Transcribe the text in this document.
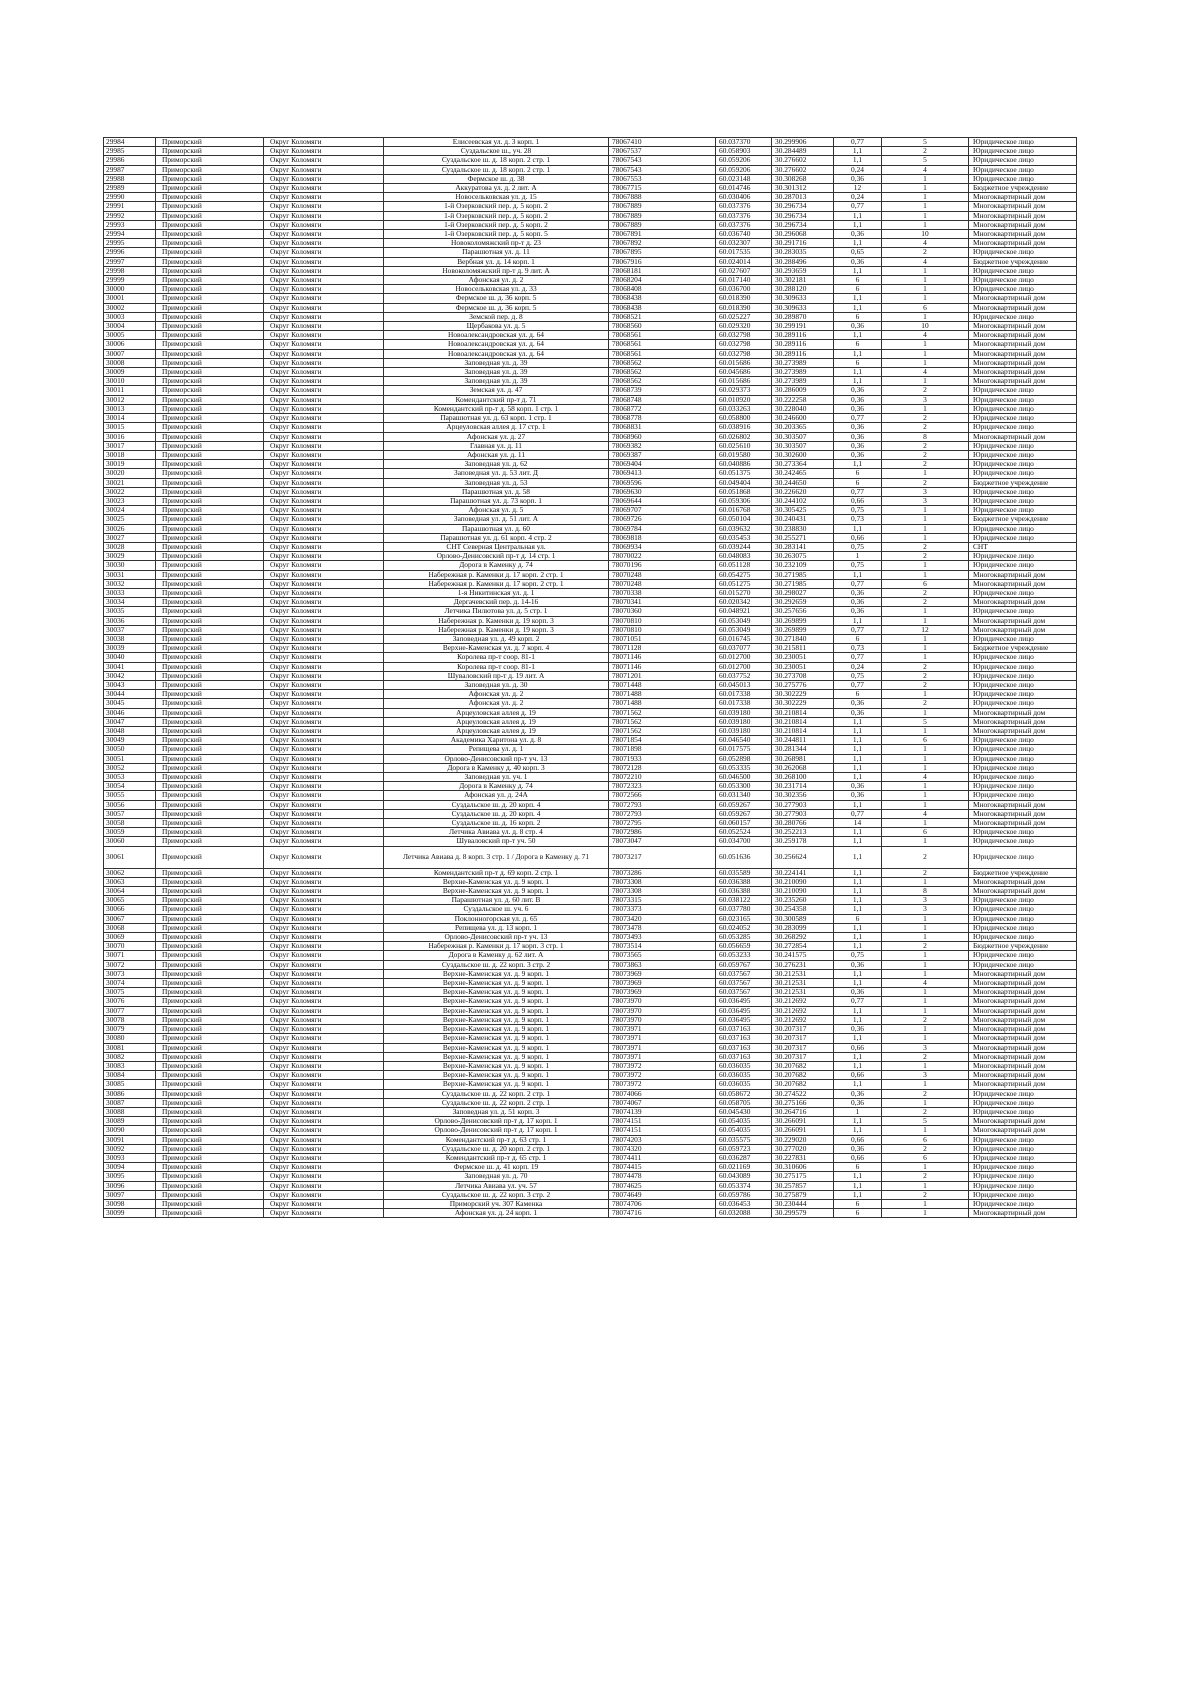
29984	Приморский	Округ Коломяги	Елисеевская ул. д. 3 корп. 1	78067410	60.037370	30.299906	0,77	5	Юридическое лицо
29985	Приморский	Округ Коломяги	Суздальское ш., уч. 28	78067537	60.058903	30.284489	1,1	2	Юридическое лицо
29986	Приморский	Округ Коломяги	Суздальское ш. д. 18 корп. 2 стр. 1	78067543	60.059206	30.276602	1,1	5	Юридическое лицо
29987	Приморский	Округ Коломяги	Суздальское ш. д. 18 корп. 2 стр. 1	78067543	60.059206	30.276602	0,24	4	Юридическое лицо
29988	Приморский	Округ Коломяги	Фермское ш. д. 38	78067553	60.023148	30.308268	0,36	1	Юридическое лицо
29989	Приморский	Округ Коломяги	Аккуратова ул. д. 2 лит. А	78067715	60.014746	30.301312	12	1	Бюджетное учреждение
29990	Приморский	Округ Коломяги	Новосельковская ул. д. 15	78067888	60.030406	30.287013	0,24	1	Многоквартирный дом
29991	Приморский	Округ Коломяги	1-й Озерковский пер. д. 5 корп. 2	78067889	60.037376	30.296734	0,77	1	Многоквартирный дом
29992	Приморский	Округ Коломяги	1-й Озерковский пер. д. 5 корп. 2	78067889	60.037376	30.296734	1,1	1	Многоквартирный дом
29993	Приморский	Округ Коломяги	1-й Озерковский пер. д. 5 корп. 2	78067889	60.037376	30.296734	1,1	1	Многоквартирный дом
29994	Приморский	Округ Коломяги	1-й Озерковский пер. д. 5 корп. 5	78067891	60.036740	30.296068	0,36	10	Многоквартирный дом
29995	Приморский	Округ Коломяги	Новоколомяжский пр-т д. 23	78067892	60.032307	30.291716	1,1	4	Многоквартирный дом
29996	Приморский	Округ Коломяги	Парашютная ул. д. 11	78067895	60.017535	30.283035	0,65	2	Юридическое лицо
29997	Приморский	Округ Коломяги	Вербная ул. д. 14 корп. 1	78067916	60.024014	30.288496	0,36	4	Бюджетное учреждение
29998	Приморский	Округ Коломяги	Новоколомяжский пр-т д. 9 лит. А	78068181	60.027607	30.293659	1,1	1	Юридическое лицо
29999	Приморский	Округ Коломяги	Афонская ул. д. 2	78068204	60.017140	30.302181	6	1	Юридическое лицо
30000	Приморский	Округ Коломяги	Новосельковская ул. д. 33	78068408	60.036700	30.288120	6	1	Юридическое лицо
30001	Приморский	Округ Коломяги	Фермское ш. д. 36 корп. 5	78068438	60.018390	30.309633	1,1	1	Многоквартирный дом
30002	Приморский	Округ Коломяги	Фермское ш. д. 36 корп. 5	78068438	60.018390	30.309633	1,1	6	Многоквартирный дом
30003	Приморский	Округ Коломяги	Земской пер. д. 8	78068521	60.025227	30.289870	6	1	Юридическое лицо
30004	Приморский	Округ Коломяги	Щербакова ул. д. 5	78068560	60.029320	30.299191	0,36	10	Многоквартирный дом
30005	Приморский	Округ Коломяги	Новоалександровская ул. д. 64	78068561	60.032798	30.289116	1,1	4	Многоквартирный дом
30006	Приморский	Округ Коломяги	Новоалександровская ул. д. 64	78068561	60.032798	30.289116	6	1	Многоквартирный дом
30007	Приморский	Округ Коломяги	Новоалександровская ул. д. 64	78068561	60.032798	30.289116	1,1	1	Многоквартирный дом
30008	Приморский	Округ Коломяги	Заповедная ул. д. 39	78068562	60.015686	30.273989	6	1	Многоквартирный дом
30009	Приморский	Округ Коломяги	Заповедная ул. д. 39	78068562	60.045686	30.273989	1,1	4	Многоквартирный дом
30010	Приморский	Округ Коломяги	Заповедная ул. д. 39	78068562	60.015686	30.273989	1,1	1	Многоквартирный дом
30011	Приморский	Округ Коломяги	Земская ул. д. 47	78068739	60.029373	30.286009	0,36	2	Юридическое лицо
30012	Приморский	Округ Коломяги	Комендантский пр-т д. 71	78068748	60.010920	30.222258	0,36	3	Юридическое лицо
30013	Приморский	Округ Коломяги	Комендантский пр-т д. 58 корп. 1 стр. 1	78068772	60.033263	30.228040	0,36	1	Юридическое лицо
30014	Приморский	Округ Коломяги	Парашютная ул. д. 63 корп. 1 стр. 1	78068778	60.058800	30.246600	0,77	2	Юридическое лицо
30015	Приморский	Округ Коломяги	Арцеуловская аллея д. 17 стр. 1	78068831	60.038916	30.203365	0,36	2	Юридическое лицо
30016	Приморский	Округ Коломяги	Афонская ул. д. 27	78068960	60.026802	30.303507	0,36	8	Многоквартирный дом
30017	Приморский	Округ Коломяги	Главная ул. д. 11	78069382	60.025610	30.303507	0,36	2	Юридическое лицо
30018	Приморский	Округ Коломяги	Афонская ул. д. 11	78069387	60.019580	30.302600	0,36	2	Юридическое лицо
30019	Приморский	Округ Коломяги	Заповедная ул. д. 62	78069404	60.040886	30.273364	1,1	2	Юридическое лицо
30020	Приморский	Округ Коломяги	Заповедная ул. д. 53 лит. Д	78069413	60.051375	30.242465	6	1	Юридическое лицо
30021	Приморский	Округ Коломяги	Заповедная ул. д. 53	78069596	60.049404	30.244650	6	2	Бюджетное учреждение
30022	Приморский	Округ Коломяги	Парашютная ул. д. 58	78069630	60.051868	30.226620	0,77	3	Юридическое лицо
30023	Приморский	Округ Коломяги	Парашютная ул. д. 73 корп. 1	78069644	60.059306	30.244102	0,66	3	Юридическое лицо
30024	Приморский	Округ Коломяги	Афонская ул. д. 5	78069707	60.016768	30.305425	0,75	1	Юридическое лицо
30025	Приморский	Округ Коломяги	Заповедная ул. д. 51 лит. А	78069726	60.050104	30.240431	0,73	1	Бюджетное учреждение
30026	Приморский	Округ Коломяги	Парашютная ул. д. 60	78069784	60.039632	30.238830	1,1	1	Юридическое лицо
30027	Приморский	Округ Коломяги	Парашютная ул. д. 61 корп. 4 стр. 2	78069818	60.035453	30.255271	0,66	1	Юридическое лицо
30028	Приморский	Округ Коломяги	СНТ Северная Центральная ул.	78069934	60.039244	30.283141	0,75	2	СНТ
30029	Приморский	Округ Коломяги	Орлово-Денисовский пр-т д. 14 стр. 1	78070022	60.048083	30.263075	1	2	Юридическое лицо
30030	Приморский	Округ Коломяги	Дорога в Каменку д. 74	78070196	60.051128	30.232109	0,75	1	Юридическое лицо
30031	Приморский	Округ Коломяги	Набережная р. Каменки д. 17 корп. 2 стр. 1	78070248	60.054275	30.271985	1,1	1	Многоквартирный дом
30032	Приморский	Округ Коломяги	Набережная р. Каменки д. 17 корп. 2 стр. 1	78070248	60.051275	30.271985	0,77	6	Многоквартирный дом
30033	Приморский	Округ Коломяги	1-я Никитинская ул. д. 1	78070338	60.015270	30.298027	0,36	2	Юридическое лицо
30034	Приморский	Округ Коломяги	Дергачевский пер. д. 14-16	78070341	60.020342	30.292659	0,36	2	Многоквартирный дом
30035	Приморский	Округ Коломяги	Летчика Пилютова ул. д. 5 стр. 1	78070360	60.048921	30.257656	0,36	1	Юридическое лицо
30036	Приморский	Округ Коломяги	Набережная р. Каменки д. 19 корп. 3	78070810	60.053049	30.269899	1,1	1	Многоквартирный дом
30037	Приморский	Округ Коломяги	Набережная р. Каменки д. 19 корп. 3	78070810	60.053049	30.269899	0,77	12	Многоквартирный дом
30038	Приморский	Округ Коломяги	Заповедная ул. д. 49 корп. 2	78071051	60.016745	30.271840	6	1	Юридическое лицо
30039	Приморский	Округ Коломяги	Верхне-Каменская ул. д. 7 корп. 4	78071128	60.037077	30.215811	0,73	1	Бюджетное учреждение
30040	Приморский	Округ Коломяги	Королева пр-т соор. 81-1	78071146	60.012700	30.230051	0,77	1	Юридическое лицо
30041	Приморский	Округ Коломяги	Королева пр-т соор. 81-1	78071146	60.012700	30.230051	0,24	2	Юридическое лицо
30042	Приморский	Округ Коломяги	Шуваловский пр-т д. 19 лит. А	78071201	60.037752	30.273708	0,75	2	Юридическое лицо
30043	Приморский	Округ Коломяги	Заповедная ул. д. 30	78071448	60.045013	30.275776	0,77	2	Юридическое лицо
30044	Приморский	Округ Коломяги	Афонская ул. д. 2	78071488	60.017338	30.302229	6	1	Юридическое лицо
30045	Приморский	Округ Коломяги	Афонская ул. д. 2	78071488	60.017338	30.302229	0,36	2	Юридическое лицо
30046	Приморский	Округ Коломяги	Арцеуловская аллея д. 19	78071562	60.039180	30.210814	0,36	1	Многоквартирный дом
30047	Приморский	Округ Коломяги	Арцеуловская аллея д. 19	78071562	60.039180	30.210814	1,1	5	Многоквартирный дом
30048	Приморский	Округ Коломяги	Арцеуловская аллея д. 19	78071562	60.039180	30.210814	1,1	1	Многоквартирный дом
30049	Приморский	Округ Коломяги	Академика Харитона ул. д. 8	78071854	60.046540	30.244811	1,1	6	Юридическое лицо
30050	Приморский	Округ Коломяги	Репищева ул. д. 1	78071898	60.017575	30.281344	1,1	1	Юридическое лицо
30051	Приморский	Округ Коломяги	Орлово-Денисовский пр-т уч. 13	78071933	60.052898	30.268981	1,1	1	Юридическое лицо
30052	Приморский	Округ Коломяги	Дорога в Каменку д. 40 корп. 3	78072128	60.053335	30.262068	1,1	1	Юридическое лицо
30053	Приморский	Округ Коломяги	Заповедная ул. уч. 1	78072210	60.046500	30.268100	1,1	4	Юридическое лицо
30054	Приморский	Округ Коломяги	Дорога в Каменку д. 74	78072323	60.053300	30.231714	0,36	1	Юридическое лицо
30055	Приморский	Округ Коломяги	Афонская ул. д. 24А	78072566	60.031340	30.302356	0,36	1	Юридическое лицо
30056	Приморский	Округ Коломяги	Суздальское ш. д. 20 корп. 4	78072793	60.059267	30.277903	1,1	1	Многоквартирный дом
30057	Приморский	Округ Коломяги	Суздальское ш. д. 20 корп. 4	78072793	60.059267	30.277903	0,77	4	Многоквартирный дом
30058	Приморский	Округ Коломяги	Суздальское ш. д. 16 корп. 2	78072795	60.060157	30.280766	14	1	Многоквартирный дом
30059	Приморский	Округ Коломяги	Летчика Авиава ул. д. 8 стр. 4	78072986	60.052524	30.252213	1,1	6	Юридическое лицо
30060	Приморский	Округ Коломяги	Шуваловский пр-т уч. 50	78073047	60.034700	30.259178	1,1	1	Юридическое лицо
30061	Приморский	Округ Коломяги	Летчика Авиава д. 8 корп. 3 стр. 1 / Дорога в Каменку д. 71	78073217	60.051636	30.256624	1,1	2	Юридическое лицо
30062	Приморский	Округ Коломяги	Комендантский пр-т д. 69 корп. 2 стр. 1	78073286	60.035589	30.224141	1,1	2	Бюджетное учреждение
30063	Приморский	Округ Коломяги	Верхне-Каменская ул. д. 9 корп. 1	78073308	60.036388	30.210090	1,1	1	Многоквартирный дом
30064	Приморский	Округ Коломяги	Верхне-Каменская ул. д. 9 корп. 1	78073308	60.036388	30.210090	1,1	8	Многоквартирный дом
30065	Приморский	Округ Коломяги	Парашютная ул. д. 60 лит. В	78073315	60.038122	30.235260	1,1	3	Юридическое лицо
30066	Приморский	Округ Коломяги	Суздальское ш. уч. 6	78073373	60.037780	30.254358	1,1	3	Юридическое лицо
30067	Приморский	Округ Коломяги	Поклонногорская ул. д. 65	78073420	60.023165	30.300589	6	1	Юридическое лицо
30068	Приморский	Округ Коломяги	Репищева ул. д. 13 корп. 1	78073478	60.024052	30.283099	1,1	1	Юридическое лицо
30069	Приморский	Округ Коломяги	Орлово-Денисовский пр-т уч. 13	78073493	60.053285	30.268292	1,1	1	Юридическое лицо
30070	Приморский	Округ Коломяги	Набережная р. Каменки д. 17 корп. 3 стр. 1	78073514	60.056659	30.272854	1,1	2	Бюджетное учреждение
30071	Приморский	Округ Коломяги	Дорога в Каменку д. 62 лит. А	78073565	60.053233	30.241575	0,75	1	Юридическое лицо
30072	Приморский	Округ Коломяги	Суздальское ш. д. 22 корп. 3 стр. 2	78073863	60.059767	30.276231	0,36	1	Юридическое лицо
30073	Приморский	Округ Коломяги	Верхне-Каменская ул. д. 9 корп. 1	78073969	60.037567	30.212531	1,1	1	Многоквартирный дом
30074	Приморский	Округ Коломяги	Верхне-Каменская ул. д. 9 корп. 1	78073969	60.037567	30.212531	1,1	4	Многоквартирный дом
30075	Приморский	Округ Коломяги	Верхне-Каменская ул. д. 9 корп. 1	78073969	60.037567	30.212531	0,36	1	Многоквартирный дом
30076	Приморский	Округ Коломяги	Верхне-Каменская ул. д. 9 корп. 1	78073970	60.036495	30.212692	0,77	1	Многоквартирный дом
30077	Приморский	Округ Коломяги	Верхне-Каменская ул. д. 9 корп. 1	78073970	60.036495	30.212692	1,1	1	Многоквартирный дом
30078	Приморский	Округ Коломяги	Верхне-Каменская ул. д. 9 корп. 1	78073970	60.036495	30.212692	1,1	2	Многоквартирный дом
30079	Приморский	Округ Коломяги	Верхне-Каменская ул. д. 9 корп. 1	78073971	60.037163	30.207317	0,36	1	Многоквартирный дом
30080	Приморский	Округ Коломяги	Верхне-Каменская ул. д. 9 корп. 1	78073971	60.037163	30.207317	1,1	1	Многоквартирный дом
30081	Приморский	Округ Коломяги	Верхне-Каменская ул. д. 9 корп. 1	78073971	60.037163	30.207317	0,66	3	Многоквартирный дом
30082	Приморский	Округ Коломяги	Верхне-Каменская ул. д. 9 корп. 1	78073971	60.037163	30.207317	1,1	2	Многоквартирный дом
30083	Приморский	Округ Коломяги	Верхне-Каменская ул. д. 9 корп. 1	78073972	60.036035	30.207682	1,1	1	Многоквартирный дом
30084	Приморский	Округ Коломяги	Верхне-Каменская ул. д. 9 корп. 1	78073972	60.036035	30.207682	0,66	3	Многоквартирный дом
30085	Приморский	Округ Коломяги	Верхне-Каменская ул. д. 9 корп. 1	78073972	60.036035	30.207682	1,1	1	Многоквартирный дом
30086	Приморский	Округ Коломяги	Суздальское ш. д. 22 корп. 2 стр. 1	78074066	60.058672	30.274522	0,36	2	Юридическое лицо
30087	Приморский	Округ Коломяги	Суздальское ш. д. 22 корп. 2 стр. 1	78074067	60.058705	30.275166	0,36	1	Юридическое лицо
30088	Приморский	Округ Коломяги	Заповедная ул. д. 51 корп. 3	78074139	60.045430	30.264716	1	2	Юридическое лицо
30089	Приморский	Округ Коломяги	Орлово-Денисовский пр-т д. 17 корп. 1	78074151	60.054035	30.266091	1,1	5	Многоквартирный дом
30090	Приморский	Округ Коломяги	Орлово-Денисовский пр-т д. 17 корп. 1	78074151	60.054035	30.266091	1,1	1	Многоквартирный дом
30091	Приморский	Округ Коломяги	Комендантский пр-т д. 63 стр. 1	78074203	60.035575	30.229020	0,66	6	Юридическое лицо
30092	Приморский	Округ Коломяги	Суздальское ш. д. 20 корп. 2 стр. 1	78074320	60.059723	30.277020	0,36	2	Юридическое лицо
30093	Приморский	Округ Коломяги	Комендантский пр-т д. 65 стр. 1	78074411	60.036287	30.227831	0,66	6	Юридическое лицо
30094	Приморский	Округ Коломяги	Фермское ш. д. 41 корп. 19	78074415	60.021169	30.310606	6	1	Юридическое лицо
30095	Приморский	Округ Коломяги	Заповедная ул. д. 70	78074478	60.043089	30.275175	1,1	2	Юридическое лицо
30096	Приморский	Округ Коломяги	Летчика Авиава ул. уч. 57	78074625	60.053374	30.257857	1,1	1	Юридическое лицо
30097	Приморский	Округ Коломяги	Суздальское ш. д. 22 корп. 3 стр. 2	78074649	60.059786	30.275879	1,1	2	Юридическое лицо
30098	Приморский	Округ Коломяги	Приморский уч. 307 Каменка	78074706	60.036453	30.230444	6	1	Юридическое лицо
30099	Приморский	Округ Коломяги	Афонская ул. д. 24 корп. 1	78074716	60.032088	30.299579	6	1	Многоквартирный дом
